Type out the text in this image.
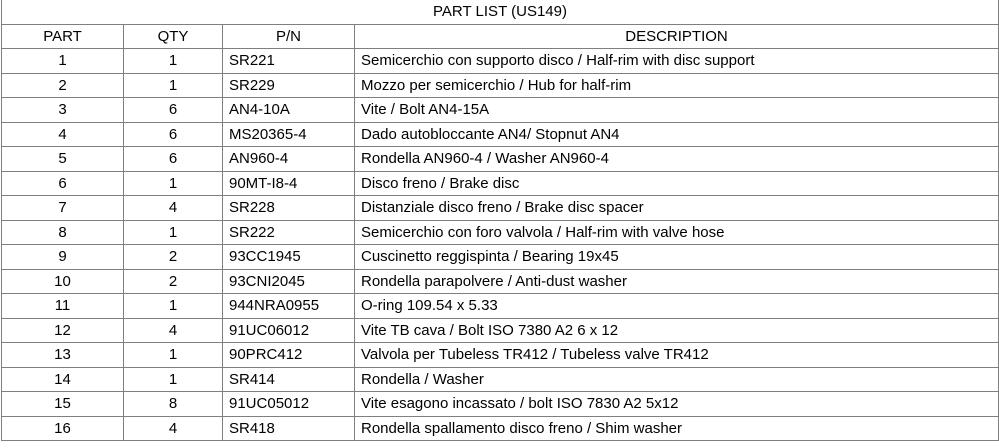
PART LIST (US149)			
PART	QTY	P/N	DESCRIPTION
1	1	SR221	Semicerchio con supporto disco / Half-rim with disc support
2	1	SR229	Mozzo per semicerchio / Hub for half-rim
3	6	AN4-10A	Vite / Bolt AN4-15A
4	6	MS20365-4	Dado autobloccante AN4/ Stopnut AN4
5	6	AN960-4	Rondella AN960-4 / Washer AN960-4
6	1	90MT-I8-4	Disco freno / Brake disc
7	4	SR228	Distanziale disco freno / Brake disc spacer
8	1	SR222	Semicerchio con foro valvola / Half-rim with valve hose
9	2	93CC1945	Cuscinetto reggispinta / Bearing 19x45
10	2	93CNI2045	Rondella parapolvere / Anti-dust washer
11	1	944NRA0955	O-ring 109.54 x 5.33
12	4	91UC06012	Vite TB cava / Bolt ISO 7380 A2 6 x 12
13	1	90PRC412	Valvola per Tubeless TR412 / Tubeless valve TR412
14	1	SR414	Rondella / Washer
15	8	91UC05012	Vite esagono incassato / bolt ISO 7830 A2 5x12
16	4	SR418	Rondella spallamento disco freno / Shim washer
